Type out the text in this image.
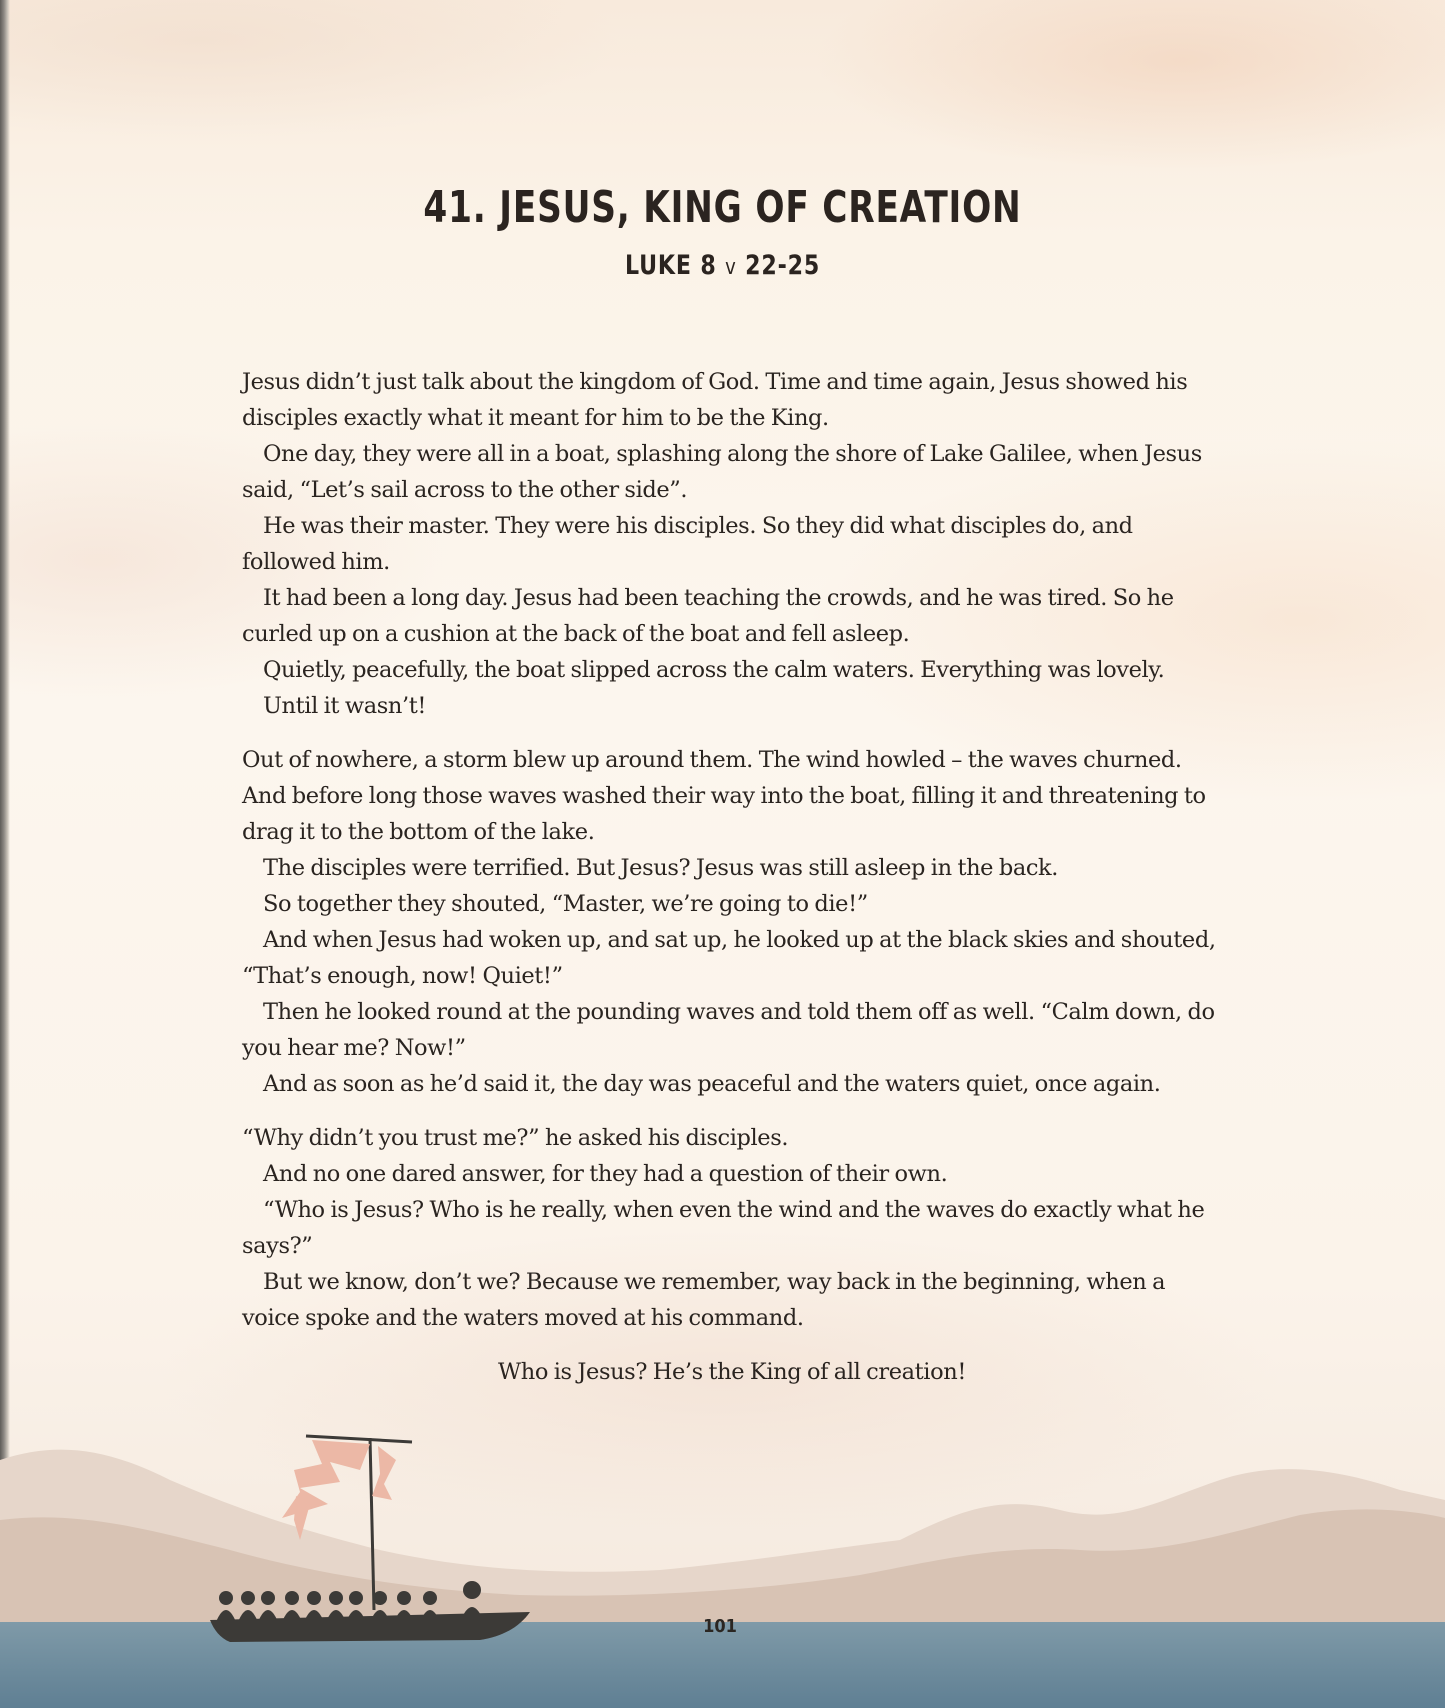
41. JESUS, KING OF CREATION
LUKE 8 v 22-25

Jesus didn’t just talk about the kingdom of God. Time and time again, Jesus showed his disciples exactly what it meant for him to be the King.

One day, they were all in a boat, splashing along the shore of Lake Galilee, when Jesus said, “Let’s sail across to the other side”.

He was their master. They were his disciples. So they did what disciples do, and followed him.

It had been a long day. Jesus had been teaching the crowds, and he was tired. So he curled up on a cushion at the back of the boat and fell asleep.

Quietly, peacefully, the boat slipped across the calm waters. Everything was lovely.

Until it wasn’t!

Out of nowhere, a storm blew up around them. The wind howled – the waves churned. And before long those waves washed their way into the boat, filling it and threatening to drag it to the bottom of the lake.

The disciples were terrified. But Jesus? Jesus was still asleep in the back.

So together they shouted, “Master, we’re going to die!”

And when Jesus had woken up, and sat up, he looked up at the black skies and shouted, “That’s enough, now! Quiet!”

Then he looked round at the pounding waves and told them off as well. “Calm down, do you hear me? Now!”

And as soon as he’d said it, the day was peaceful and the waters quiet, once again.

“Why didn’t you trust me?” he asked his disciples.

And no one dared answer, for they had a question of their own.

“Who is Jesus? Who is he really, when even the wind and the waves do exactly what he says?”

But we know, don’t we? Because we remember, way back in the beginning, when a voice spoke and the waters moved at his command.

Who is Jesus? He’s the King of all creation!

101
